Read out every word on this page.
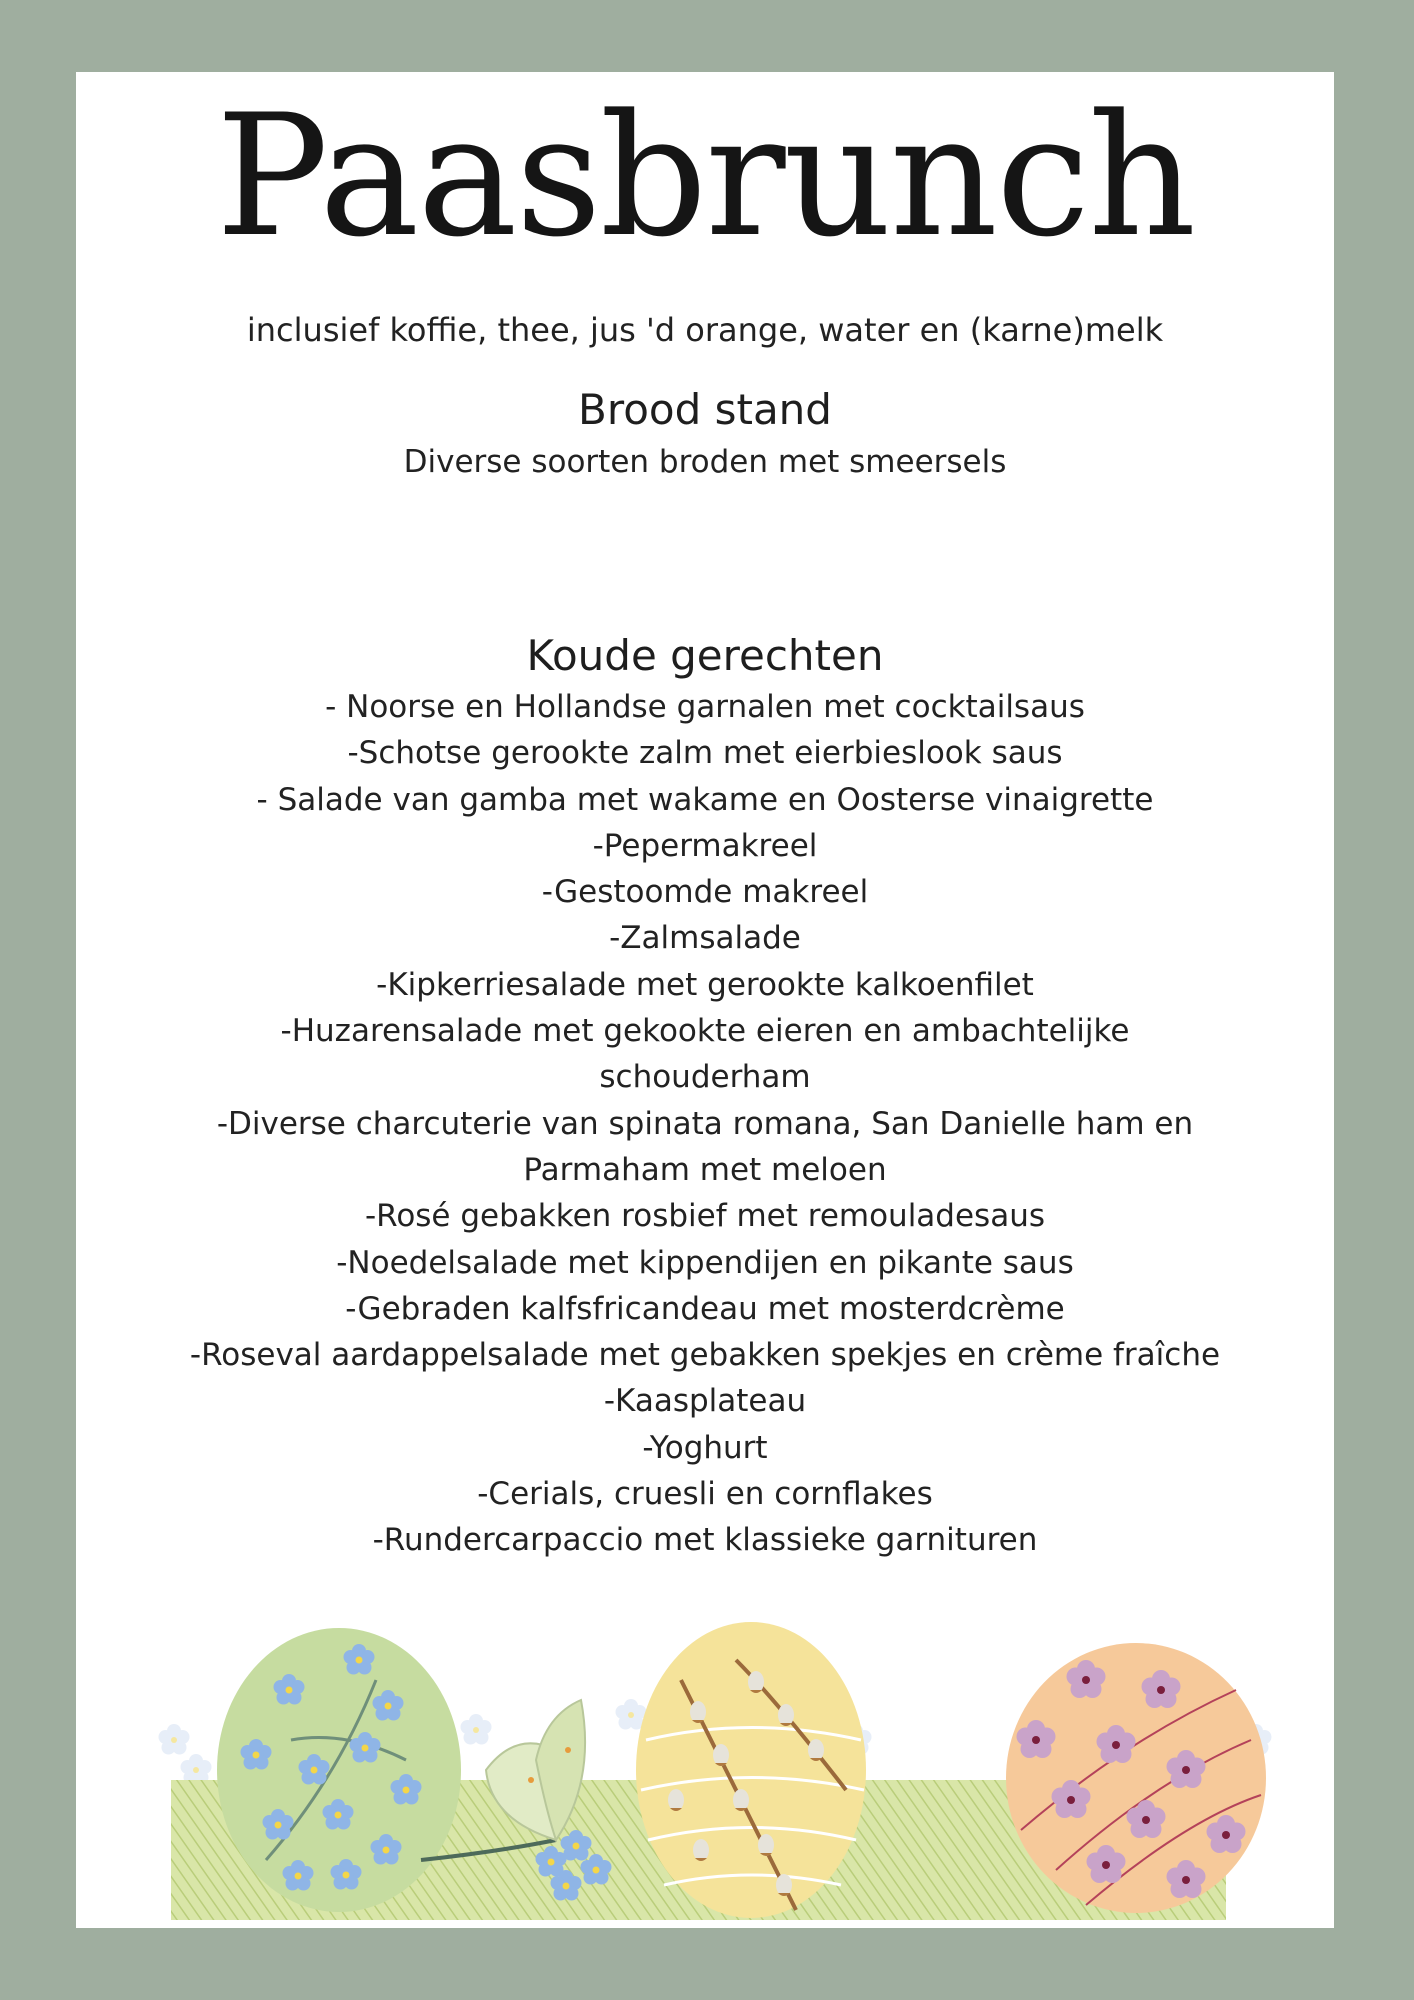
Paasbrunch
inclusief koffie, thee, jus 'd orange, water en (karne)melk
Brood stand
Diverse soorten broden met smeersels
Koude gerechten
- Noorse en Hollandse garnalen met cocktailsaus
-Schotse gerookte zalm met eierbieslook saus
- Salade van gamba met wakame en Oosterse vinaigrette
-Pepermakreel
-Gestoomde makreel
-Zalmsalade
-Kipkerriesalade met gerookte kalkoenfilet
-Huzarensalade met gekookte eieren en ambachtelijke schouderham
-Diverse charcuterie van spinata romana, San Danielle ham en Parmaham met meloen
-Rosé gebakken rosbief met remouladesaus
-Noedelsalade met kippendijen en pikante saus
-Gebraden kalfsfricandeau met mosterdcrème
-Roseval aardappelsalade met gebakken spekjes en crème fraîche
-Kaasplateau
-Yoghurt
-Cerials, cruesli en cornflakes
-Rundercarpaccio met klassieke garnituren
